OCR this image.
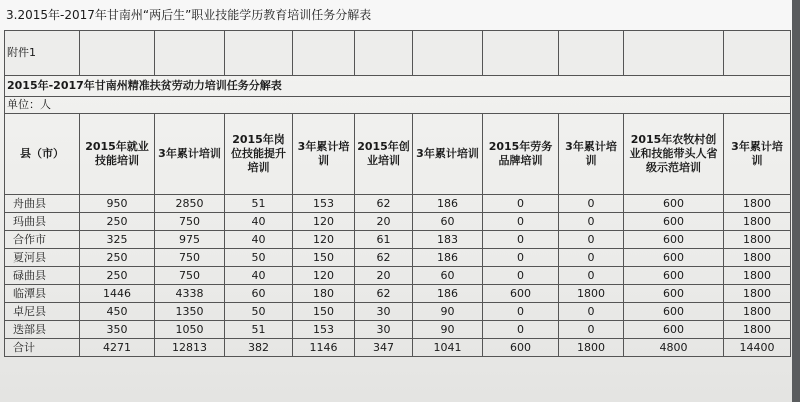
3.2015年-2017年甘南州“两后生”职业技能学历教育培训任务分解表
附件1										
2015年-2017年甘南州精准扶贫劳动力培训任务分解表										
单位：人										
县（市）	2015年就业技能培训	3年累计培训	2015年岗位技能提升培训	3年累计培训	2015年创业培训	3年累计培训	2015年劳务品牌培训	3年累计培训	2015年农牧村创业和技能带头人省级示范培训	3年累计培训
舟曲县	950	2850	51	153	62	186	0	0	600	1800
玛曲县	250	750	40	120	20	60	0	0	600	1800
合作市	325	975	40	120	61	183	0	0	600	1800
夏河县	250	750	50	150	62	186	0	0	600	1800
碌曲县	250	750	40	120	20	60	0	0	600	1800
临潭县	1446	4338	60	180	62	186	600	1800	600	1800
卓尼县	450	1350	50	150	30	90	0	0	600	1800
迭部县	350	1050	51	153	30	90	0	0	600	1800
合计	4271	12813	382	1146	347	1041	600	1800	4800	14400
